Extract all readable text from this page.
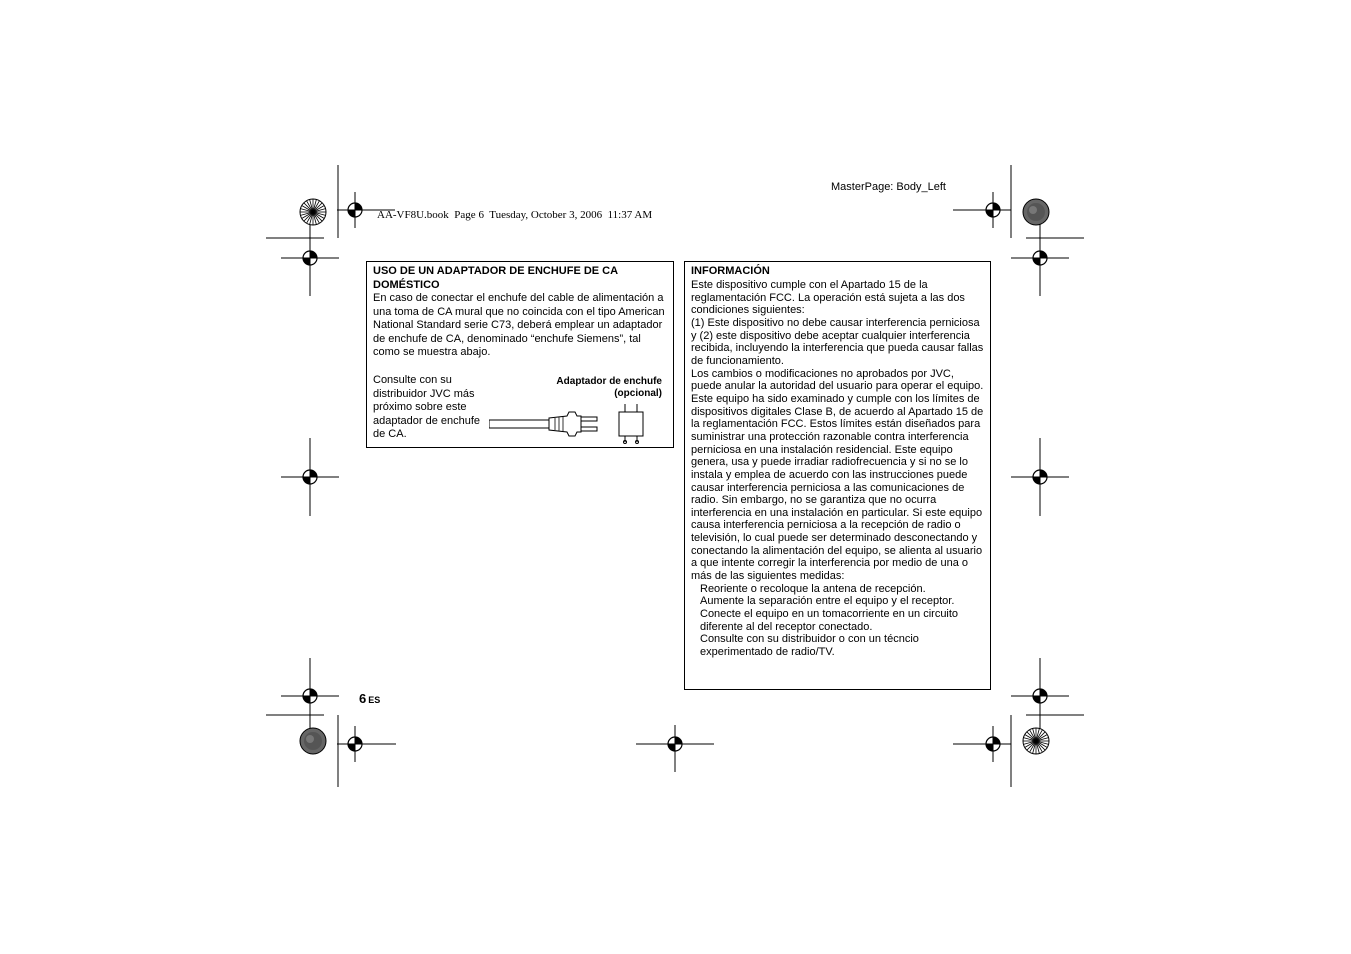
MasterPage: Body_Left
AA-VF8U.book  Page 6  Tuesday, October 3, 2006  11:37 AM
USO DE UN ADAPTADOR DE ENCHUFE DE CA DOMÉSTICO
En caso de conectar el enchufe del cable de alimentación a una toma de CA mural que no coincida con el tipo American National Standard serie C73, deberá emplear un adaptador de enchufe de CA, denominado “enchufe Siemens”, tal como se muestra abajo.
Consulte con su distribuidor JVC más próximo sobre este adaptador de enchufe de CA.
Adaptador de enchufe
(opcional)
INFORMACIÓN
Este dispositivo cumple con el Apartado 15 de la reglamentación FCC. La operación está sujeta a las dos condiciones siguientes:
(1) Este dispositivo no debe causar interferencia perniciosa y (2) este dispositivo debe aceptar cualquier interferencia recibida, incluyendo la interferencia que pueda causar fallas de funcionamiento.
Los cambios o modificaciones no aprobados por JVC, puede anular la autoridad del usuario para operar el equipo. Este equipo ha sido examinado y cumple con los límites de dispositivos digitales Clase B, de acuerdo al Apartado 15 de la reglamentación FCC. Estos límites están diseñados para suministrar una protección razonable contra interferencia perniciosa en una instalación residencial. Este equipo genera, usa y puede irradiar radiofrecuencia y si no se lo instala y emplea de acuerdo con las instrucciones puede causar interferencia perniciosa a las comunicaciones de radio. Sin embargo, no se garantiza que no ocurra interferencia en una instalación en particular. Si este equipo causa interferencia perniciosa a la recepción de radio o televisión, lo cual puede ser determinado desconectando y conectando la alimentación del equipo, se alienta al usuario a que intente corregir la interferencia por medio de una o más de las siguientes medidas:
Reoriente o recoloque la antena de recepción.
Aumente la separación entre el equipo y el receptor.
Conecte el equipo en un tomacorriente en un circuito diferente al del receptor conectado.
Consulte con su distribuidor o con un técncio experimentado de radio/TV.
6 ES
